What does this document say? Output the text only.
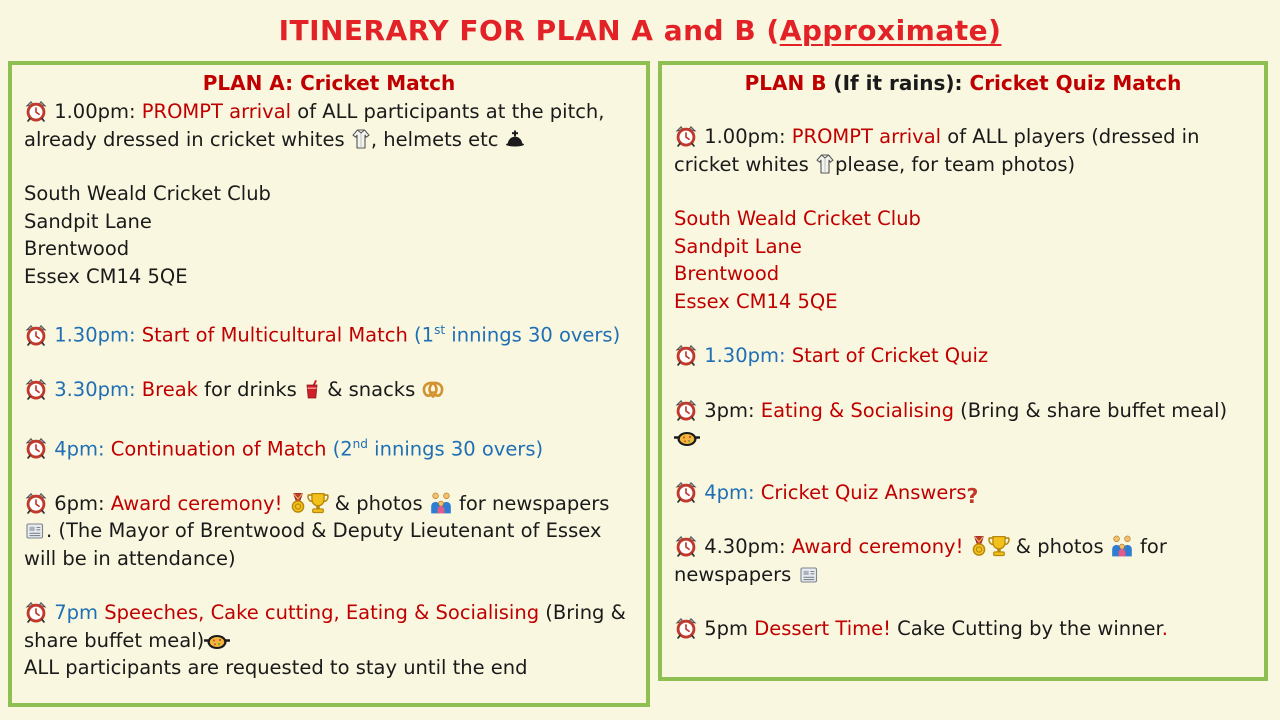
ITINERARY FOR PLAN A and B (Approximate)
PLAN A: Cricket Match
1.00pm: PROMPT arrival of ALL participants at the pitch, already dressed in cricket whites , helmets etc
South Weald Cricket Club
Sandpit Lane
Brentwood
Essex CM14 5QE
1.30pm: Start of Multicultural Match (1st innings 30 overs)
3.30pm: Break for drinks  & snacks
4pm: Continuation of Match (2nd innings 30 overs)
6pm: Award ceremony!  & photos  for newspapers . (The Mayor of Brentwood & Deputy Lieutenant of Essex will be in attendance)
7pm Speeches, Cake cutting, Eating & Socialising (Bring & share buffet meal)
ALL participants are requested to stay until the end
PLAN B (If it rains): Cricket Quiz Match
1.00pm: PROMPT arrival of ALL players (dressed in cricket whites please, for team photos)
South Weald Cricket Club
Sandpit Lane
Brentwood
Essex CM14 5QE
1.30pm: Start of Cricket Quiz
3pm: Eating & Socialising (Bring & share buffet meal)
4pm: Cricket Quiz Answers?
4.30pm: Award ceremony!  & photos  for newspapers
5pm Dessert Time! Cake Cutting by the winner.
